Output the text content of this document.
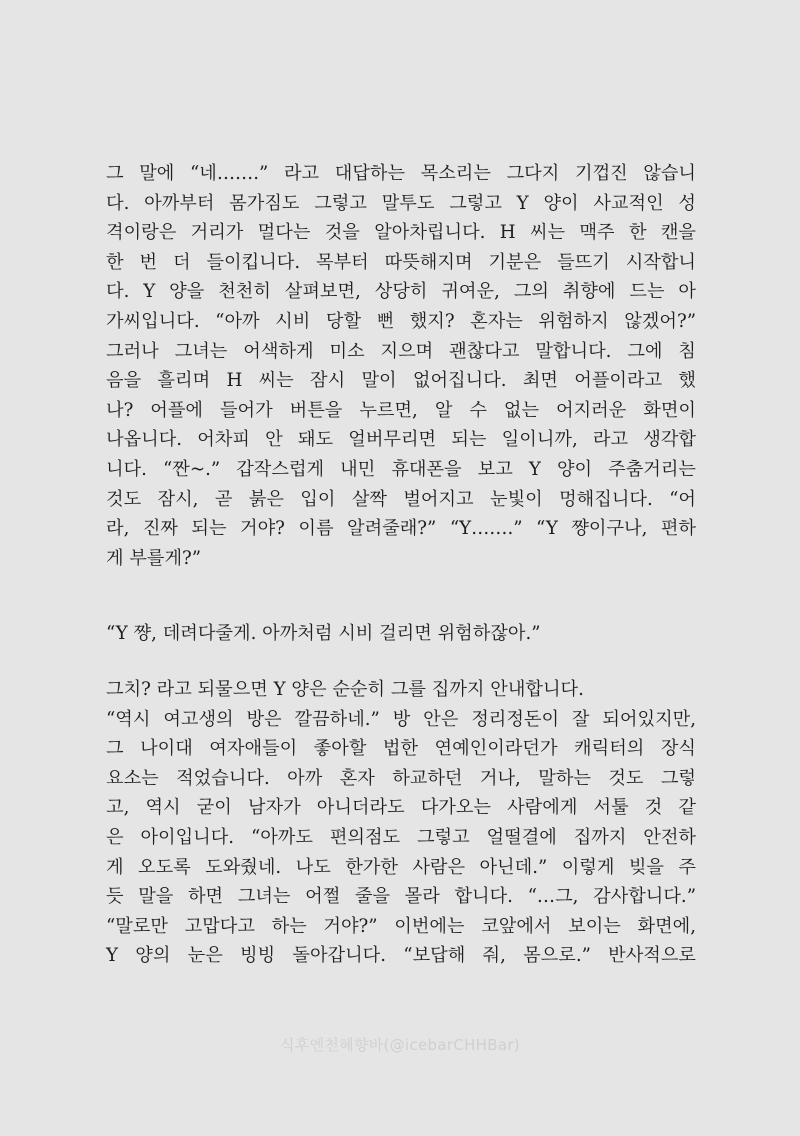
그 말에 “네…….” 라고 대답하는 목소리는 그다지 기껍진 않습니
다. 아까부터 몸가짐도 그렇고 말투도 그렇고 Y 양이 사교적인 성
격이랑은 거리가 멀다는 것을 알아차립니다. H 씨는 맥주 한 캔을
한 번 더 들이킵니다. 목부터 따뜻해지며 기분은 들뜨기 시작합니
다. Y 양을 천천히 살펴보면, 상당히 귀여운, 그의 취향에 드는 아
가씨입니다. “아까 시비 당할 뻔 했지? 혼자는 위험하지 않겠어?”
그러나 그녀는 어색하게 미소 지으며 괜찮다고 말합니다. 그에 침
음을 흘리며 H 씨는 잠시 말이 없어집니다. 최면 어플이라고 했
나? 어플에 들어가 버튼을 누르면, 알 수 없는 어지러운 화면이
나옵니다. 어차피 안 돼도 얼버무리면 되는 일이니까, 라고 생각합
니다. “짠~.” 갑작스럽게 내민 휴대폰을 보고 Y 양이 주춤거리는
것도 잠시, 곧 붉은 입이 살짝 벌어지고 눈빛이 멍해집니다. “어
라, 진짜 되는 거야? 이름 알려줄래?” “Y…….” “Y 쨩이구나, 편하
게 부를게?”
“Y 쨩, 데려다줄게. 아까처럼 시비 걸리면 위험하잖아.”
그치? 라고 되물으면 Y 양은 순순히 그를 집까지 안내합니다.
“역시 여고생의 방은 깔끔하네.” 방 안은 정리정돈이 잘 되어있지만,
그 나이대 여자애들이 좋아할 법한 연예인이라던가 캐릭터의 장식
요소는 적었습니다. 아까 혼자 하교하던 거나, 말하는 것도 그렇
고, 역시 굳이 남자가 아니더라도 다가오는 사람에게 서툴 것 같
은 아이입니다. “아까도 편의점도 그렇고 얼떨결에 집까지 안전하
게 오도록 도와줬네. 나도 한가한 사람은 아닌데.” 이렇게 빚을 주
듯 말을 하면 그녀는 어쩔 줄을 몰라 합니다. “…그, 감사합니다.”
“말로만 고맙다고 하는 거야?” 이번에는 코앞에서 보이는 화면에,
Y 양의 눈은 빙빙 돌아갑니다. “보답해 줘, 몸으로.” 반사적으로
식후엔천혜향바(@icebarCHHBar)
